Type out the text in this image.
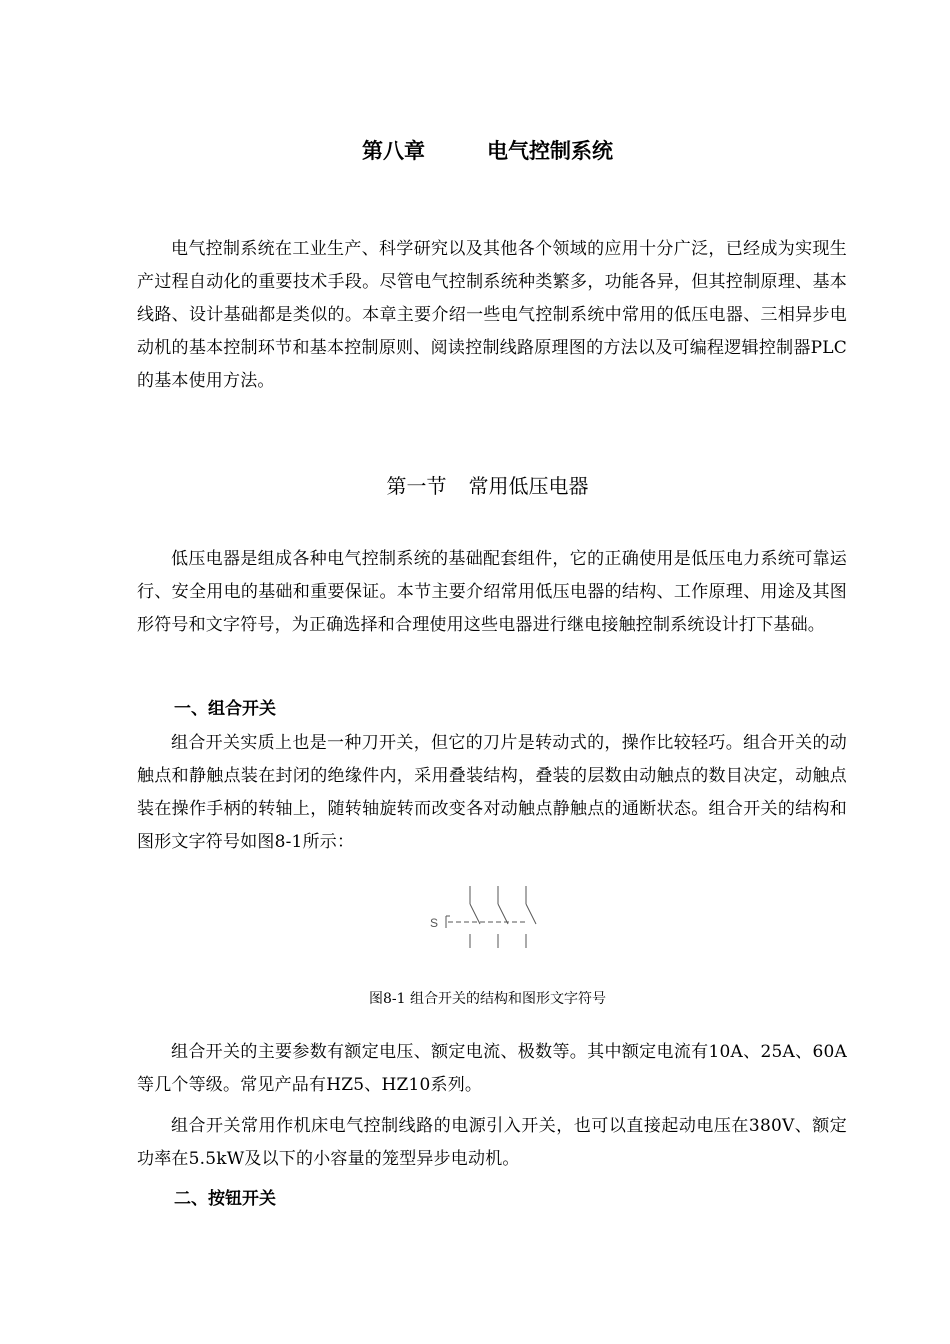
第八章	电气控制系统

电气控制系统在工业生产、科学研究以及其他各个领域的应用十分广泛，已经成为实现生产过程自动化的重要技术手段。尽管电气控制系统种类繁多，功能各异，但其控制原理、基本线路、设计基础都是类似的。本章主要介绍一些电气控制系统中常用的低压电器、三相异步电动机的基本控制环节和基本控制原则、阅读控制线路原理图的方法以及可编程逻辑控制器PLC的基本使用方法。

第一节 常用低压电器

低压电器是组成各种电气控制系统的基础配套组件，它的正确使用是低压电力系统可靠运行、安全用电的基础和重要保证。本节主要介绍常用低压电器的结构、工作原理、用途及其图形符号和文字符号，为正确选择和合理使用这些电器进行继电接触控制系统设计打下基础。

一、组合开关

组合开关实质上也是一种刀开关，但它的刀片是转动式的，操作比较轻巧。组合开关的动触点和静触点装在封闭的绝缘件内，采用叠装结构，叠装的层数由动触点的数目决定，动触点装在操作手柄的转轴上，随转轴旋转而改变各对动触点静触点的通断状态。组合开关的结构和图形文字符号如图8-1所示：

S

图8-1 组合开关的结构和图形文字符号

组合开关的主要参数有额定电压、额定电流、极数等。其中额定电流有10A、25A、60A等几个等级。常见产品有HZ5、HZ10系列。

组合开关常用作机床电气控制线路的电源引入开关，也可以直接起动电压在380V、额定功率在5.5kW及以下的小容量的笼型异步电动机。

二、按钮开关
